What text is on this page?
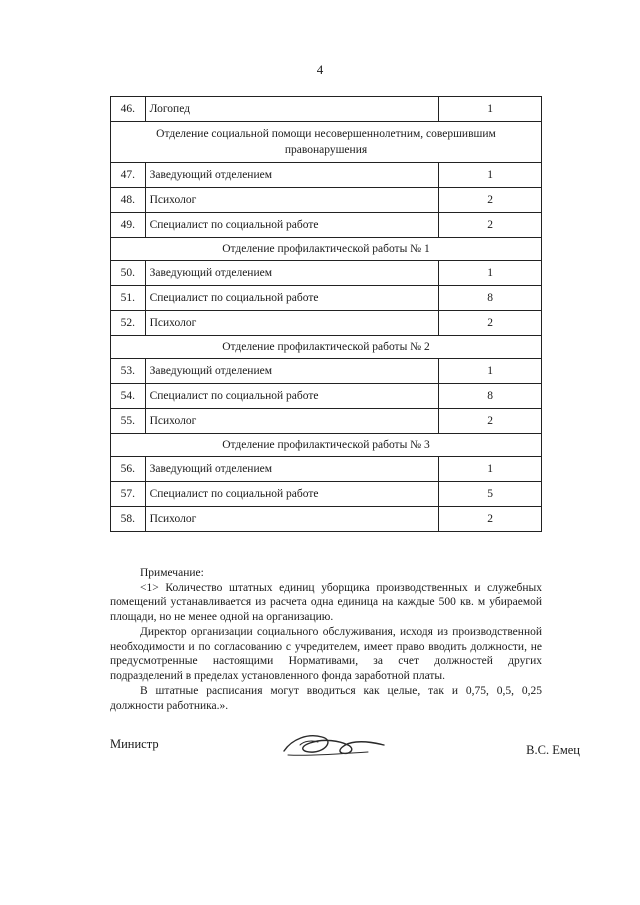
4
46.	Логопед	1
Отделение социальной помощи несовершеннолетним, совершившим правонарушения		
47.	Заведующий отделением	1
48.	Психолог	2
49.	Специалист по социальной работе	2
Отделение профилактической работы № 1		
50.	Заведующий отделением	1
51.	Специалист по социальной работе	8
52.	Психолог	2
Отделение профилактической работы № 2		
53.	Заведующий отделением	1
54.	Специалист по социальной работе	8
55.	Психолог	2
Отделение профилактической работы № 3		
56.	Заведующий отделением	1
57.	Специалист по социальной работе	5
58.	Психолог	2
Примечание:

<1> Количество штатных единиц уборщика производственных и служебных помещений устанавливается из расчета одна единица на каждые 500 кв. м убираемой площади, но не менее одной на организацию.

Директор организации социального обслуживания, исходя из производственной необходимости и по согласованию с учредителем, имеет право вводить должности, не предусмотренные настоящими Нормативами, за счет должностей других подразделений в пределах установленного фонда заработной платы.

В штатные расписания могут вводиться как целые, так и 0,75, 0,5, 0,25 должности работника.».

Министр	В.С. Емец
